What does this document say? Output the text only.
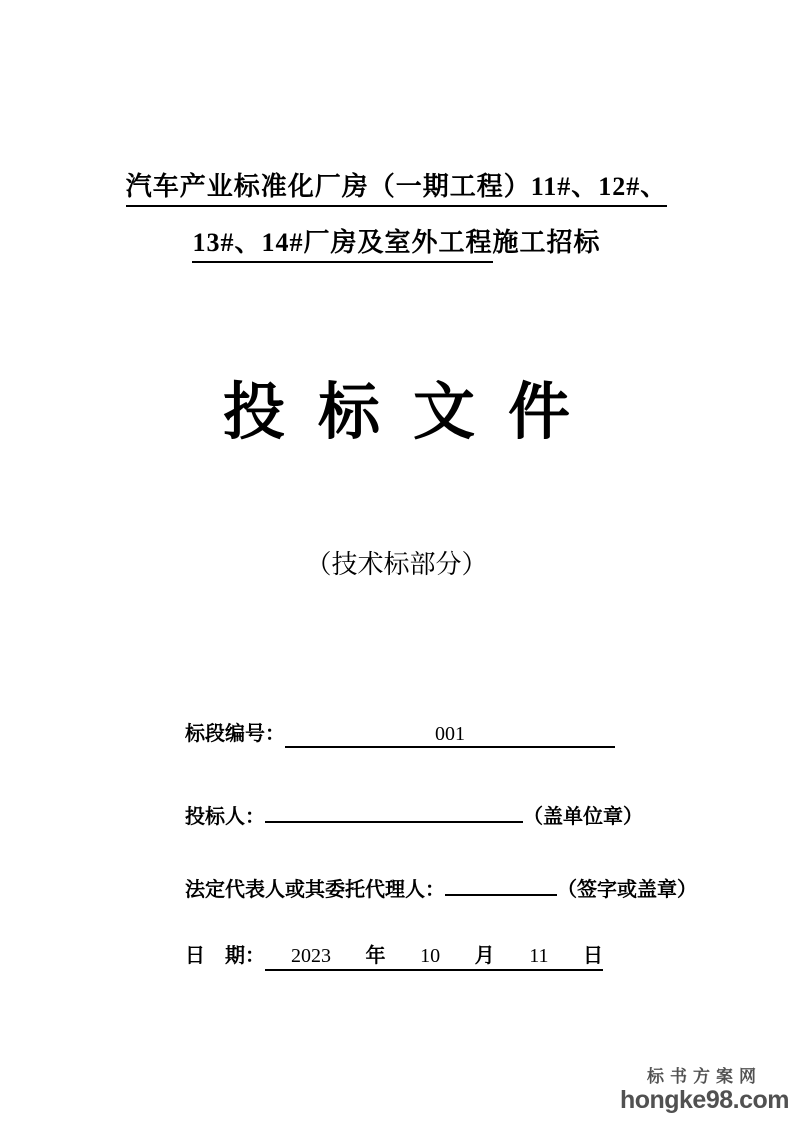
汽车产业标准化厂房（一期工程）11#、12#、
13#、14#厂房及室外工程施工招标
投标文件
（技术标部分）
标段编号：	001
投标人：	（盖单位章）
法定代表人或其委托代理人：	（签字或盖章）
日　期： 2023 年 10 月 11 日
标书方案网
hongke98.com
